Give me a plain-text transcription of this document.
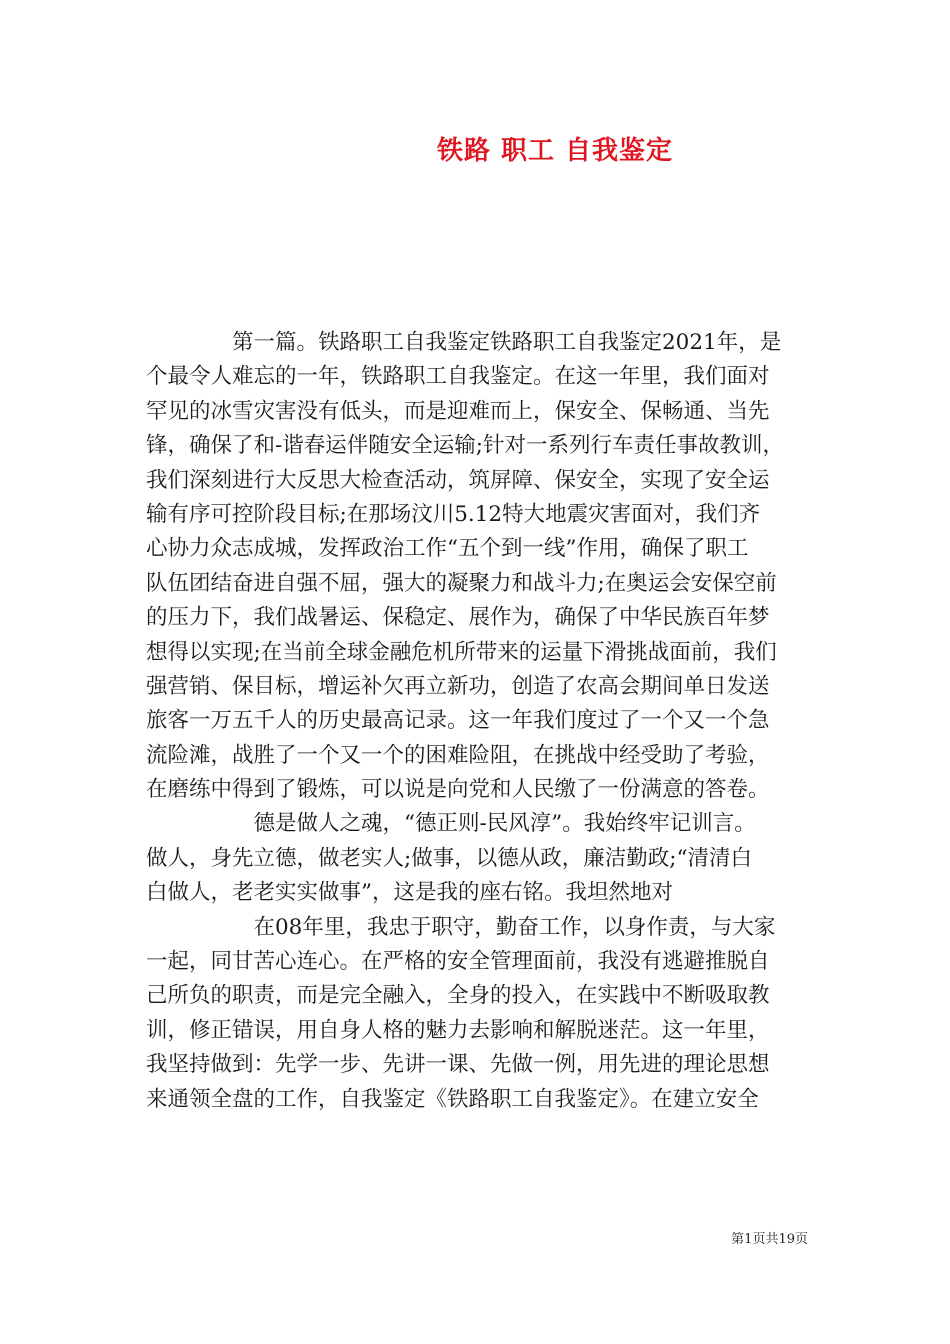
铁路 职工 自我鉴定
　　　　第一篇。铁路职工自我鉴定铁路职工自我鉴定2021年，是
个最令人难忘的一年，铁路职工自我鉴定。在这一年里，我们面对
罕见的冰雪灾害没有低头，而是迎难而上，保安全、保畅通、当先
锋，确保了和-谐春运伴随安全运输;针对一系列行车责任事故教训，
我们深刻进行大反思大检查活动，筑屏障、保安全，实现了安全运
输有序可控阶段目标;在那场汶川5.12特大地震灾害面对，我们齐
心协力众志成城，发挥政治工作“五个到一线”作用，确保了职工
队伍团结奋进自强不屈，强大的凝聚力和战斗力;在奥运会安保空前
的压力下，我们战暑运、保稳定、展作为，确保了中华民族百年梦
想得以实现;在当前全球金融危机所带来的运量下滑挑战面前，我们
强营销、保目标，增运补欠再立新功，创造了农高会期间单日发送
旅客一万五千人的历史最高记录。这一年我们度过了一个又一个急
流险滩，战胜了一个又一个的困难险阻，在挑战中经受助了考验，
在磨练中得到了锻炼，可以说是向党和人民缴了一份满意的答卷。
　　　　　德是做人之魂，“德正则-民风淳”。我始终牢记训言。
做人，身先立德，做老实人;做事，以德从政，廉洁勤政;“清清白
白做人，老老实实做事”，这是我的座右铭。我坦然地对
　　　　　在08年里，我忠于职守，勤奋工作，以身作责，与大家
一起，同甘苦心连心。在严格的安全管理面前，我没有逃避推脱自
己所负的职责，而是完全融入，全身的投入，在实践中不断吸取教
训，修正错误，用自身人格的魅力去影响和解脱迷茫。这一年里，
我坚持做到：先学一步、先讲一课、先做一例，用先进的理论思想
来通领全盘的工作，自我鉴定《铁路职工自我鉴定》。在建立安全
第1页共19页
